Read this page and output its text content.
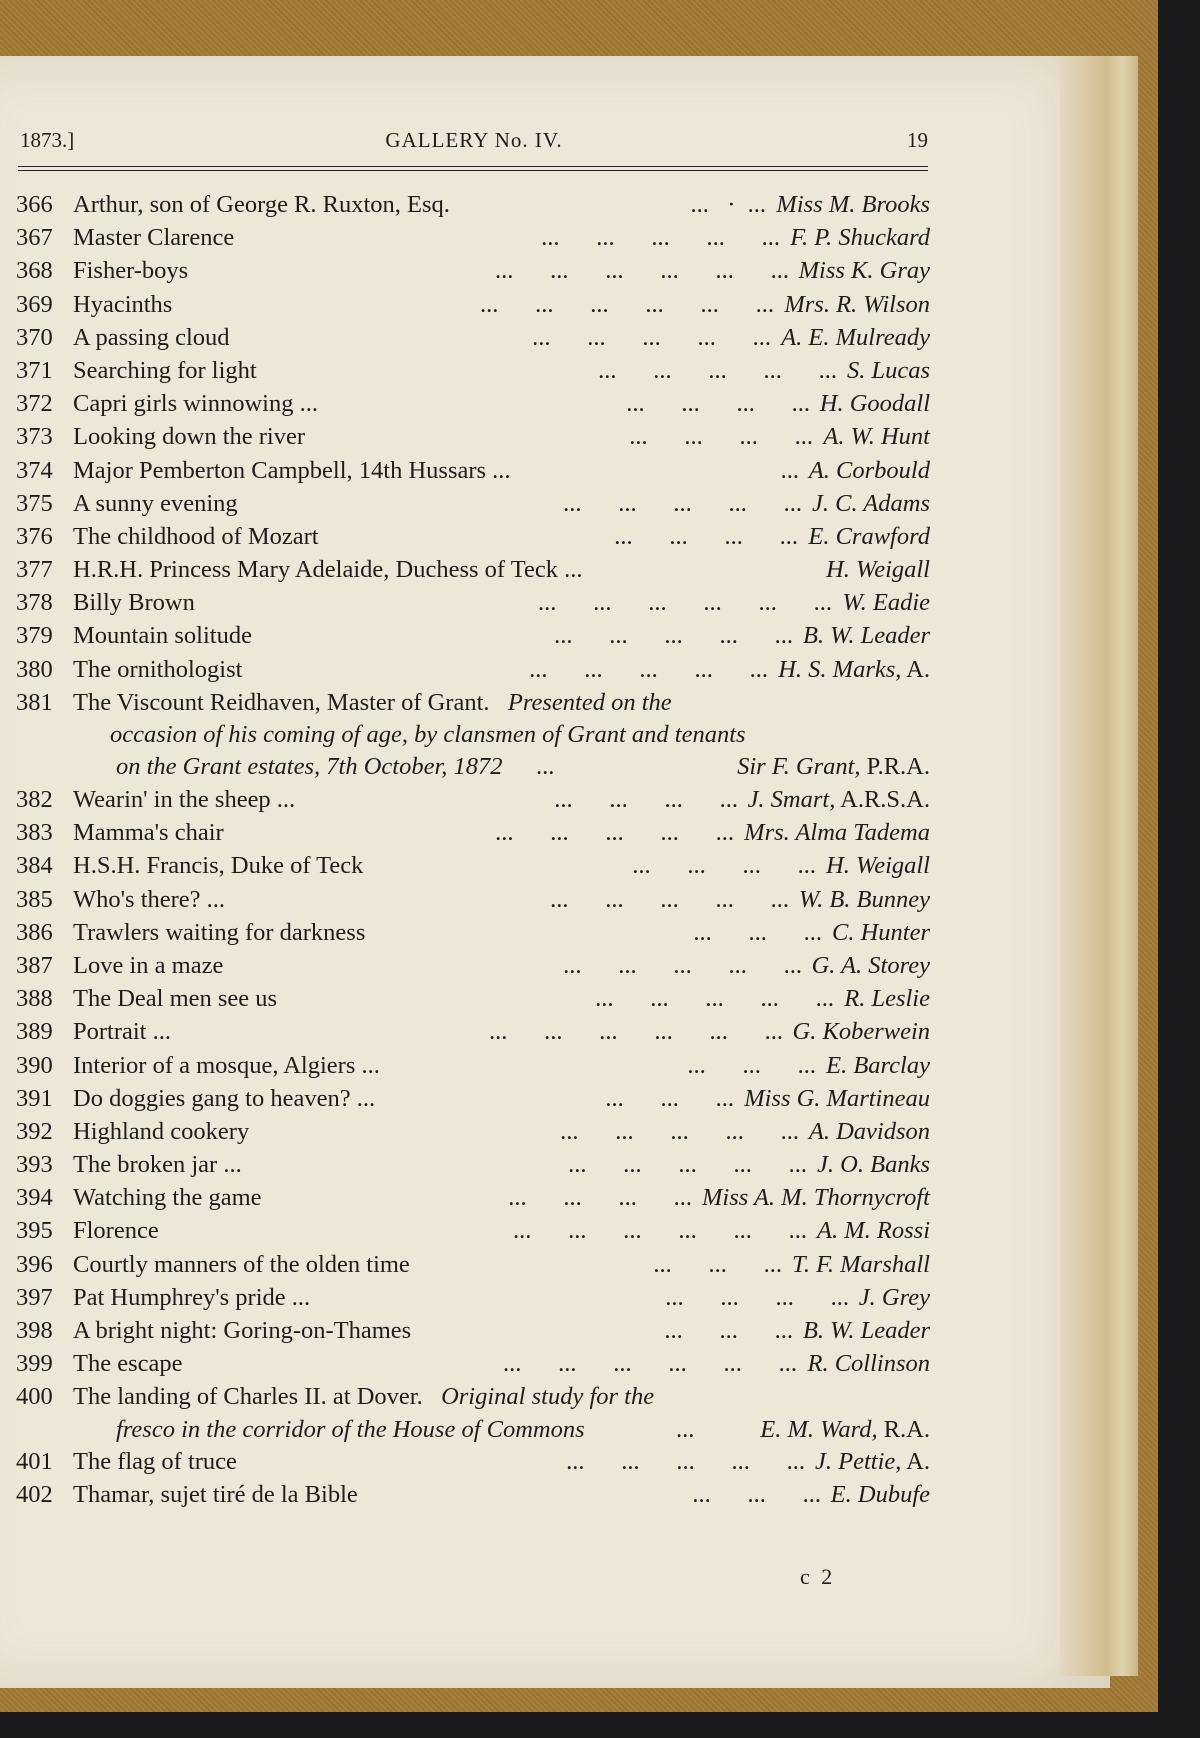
1873.]	GALLERY No. IV.	19
366 Arthur, son of George R. Ruxton, Esq.	...   ·  ... Miss M. Brooks
367 Master Clarence	...      ...      ...      ...      ... F. P. Shuckard
368 Fisher-boys	...      ...      ...      ...      ...      ... Miss K. Gray
369 Hyacinths	...      ...      ...      ...      ...      ... Mrs. R. Wilson
370 A passing cloud	...      ...      ...      ...      ... A. E. Mulready
371 Searching for light	...      ...      ...      ...      ... S. Lucas
372 Capri girls winnowing ...	...      ...      ...      ... H. Goodall
373 Looking down the river	...      ...      ...      ... A. W. Hunt
374 Major Pemberton Campbell, 14th Hussars ...	... A. Corbould
375 A sunny evening	...      ...      ...      ...      ... J. C. Adams
376 The childhood of Mozart	...      ...      ...      ... E. Crawford
377 H.R.H. Princess Mary Adelaide, Duchess of Teck ...	H. Weigall
378 Billy Brown	...      ...      ...      ...      ...      ... W. Eadie
379 Mountain solitude	...      ...      ...      ...      ... B. W. Leader
380 The ornithologist	...      ...      ...      ...      ... H. S. Marks, A.
381 The Viscount Reidhaven, Master of Grant. Presented on the
occasion of his coming of age, by clansmen of Grant and tenants
on the Grant estates, 7th October, 1872 ...	Sir F. Grant, P.R.A.
382 Wearin' in the sheep ...	...      ...      ...      ... J. Smart, A.R.S.A.
383 Mamma's chair	...      ...      ...      ...      ... Mrs. Alma Tadema
384 H.S.H. Francis, Duke of Teck	...      ...      ...      ... H. Weigall
385 Who's there? ...	...      ...      ...      ...      ... W. B. Bunney
386 Trawlers waiting for darkness	...      ...      ... C. Hunter
387 Love in a maze	...      ...      ...      ...      ... G. A. Storey
388 The Deal men see us	...      ...      ...      ...      ... R. Leslie
389 Portrait ...	...      ...      ...      ...      ...      ... G. Koberwein
390 Interior of a mosque, Algiers ...	...      ...      ... E. Barclay
391 Do doggies gang to heaven? ...	...      ...      ... Miss G. Martineau
392 Highland cookery	...      ...      ...      ...      ... A. Davidson
393 The broken jar ...	...      ...      ...      ...      ... J. O. Banks
394 Watching the game	...      ...      ...      ... Miss A. M. Thornycroft
395 Florence	...      ...      ...      ...      ...      ... A. M. Rossi
396 Courtly manners of the olden time	...      ...      ... T. F. Marshall
397 Pat Humphrey's pride ...	...      ...      ...      ... J. Grey
398 A bright night: Goring-on-Thames	...      ...      ... B. W. Leader
399 The escape	...      ...      ...      ...      ...      ... R. Collinson
400 The landing of Charles II. at Dover. Original study for the
fresco in the corridor of the House of Commons	...	E. M. Ward, R.A.
401 The flag of truce	...      ...      ...      ...      ... J. Pettie, A.
402 Thamar, sujet tiré de la Bible	...      ...      ... E. Dubufe
c 2
